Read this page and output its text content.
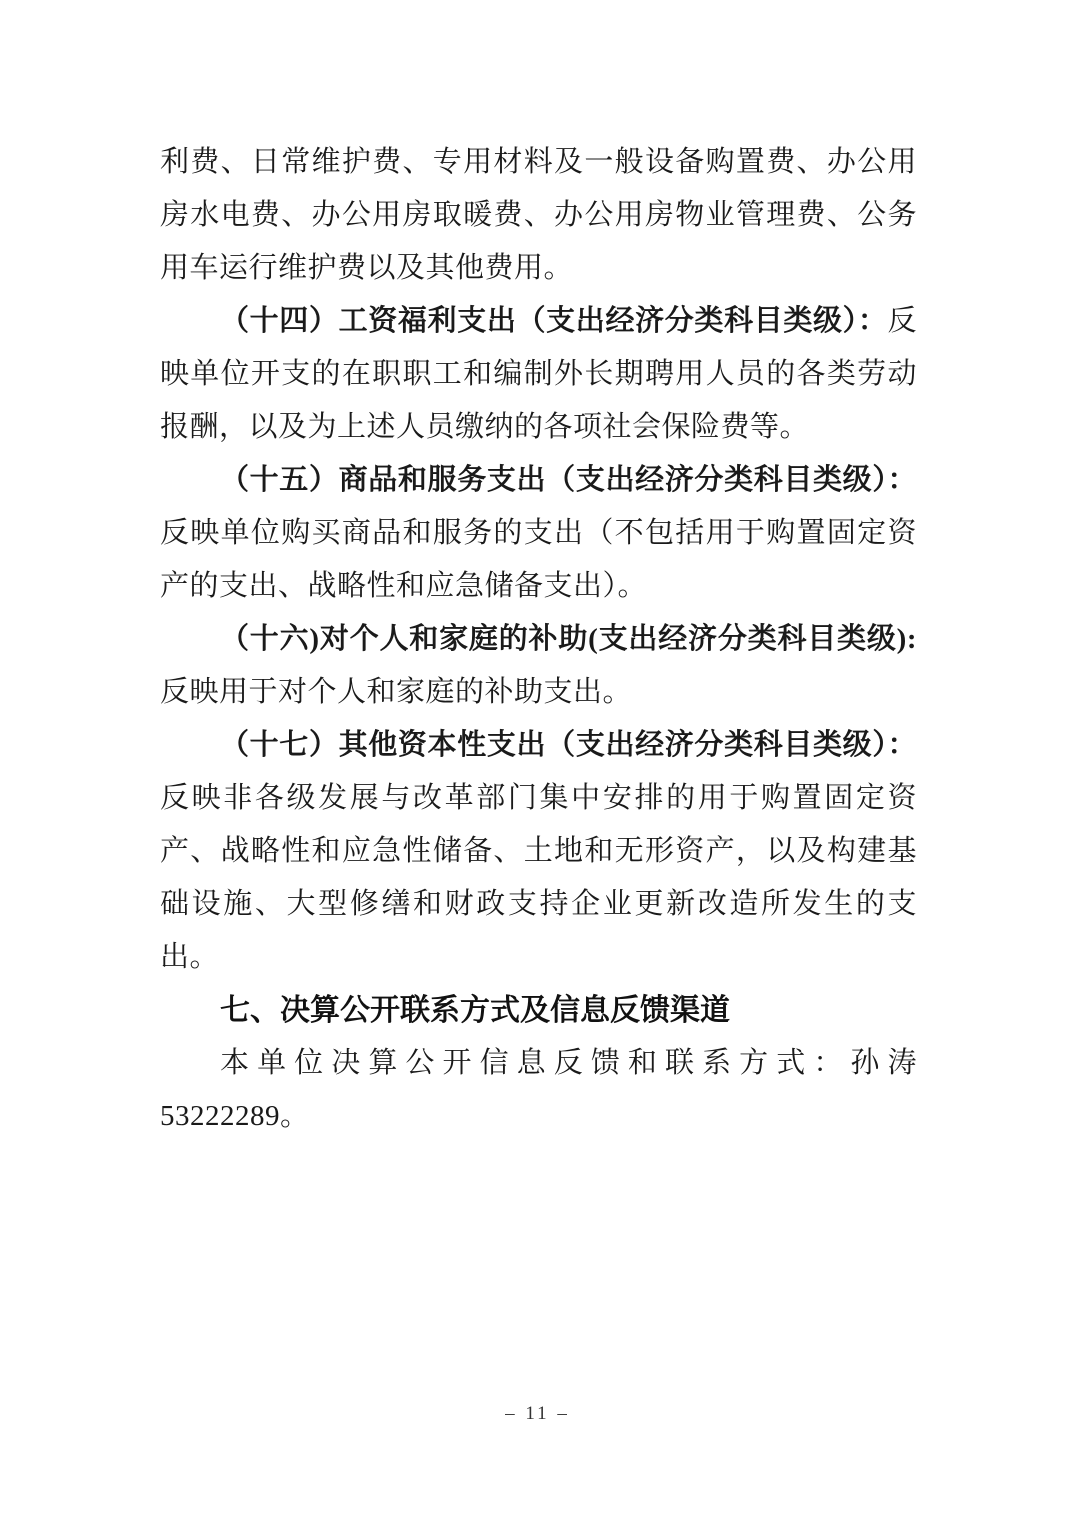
利费、日常维护费、专用材料及一般设备购置费、办公用房水电费、办公用房取暖费、办公用房物业管理费、公务用车运行维护费以及其他费用。

（十四）工资福利支出（支出经济分类科目类级）：反映单位开支的在职职工和编制外长期聘用人员的各类劳动报酬，以及为上述人员缴纳的各项社会保险费等。

（十五）商品和服务支出（支出经济分类科目类级）：反映单位购买商品和服务的支出（不包括用于购置固定资产的支出、战略性和应急储备支出）。

（十六)对个人和家庭的补助(支出经济分类科目类级):反映用于对个人和家庭的补助支出。

（十七）其他资本性支出（支出经济分类科目类级）：反映非各级发展与改革部门集中安排的用于购置固定资产、战略性和应急性储备、土地和无形资产，以及构建基础设施、大型修缮和财政支持企业更新改造所发生的支出。

七、决算公开联系方式及信息反馈渠道

本单位决算公开信息反馈和联系方式：孙涛 53222289。

– 11 –
